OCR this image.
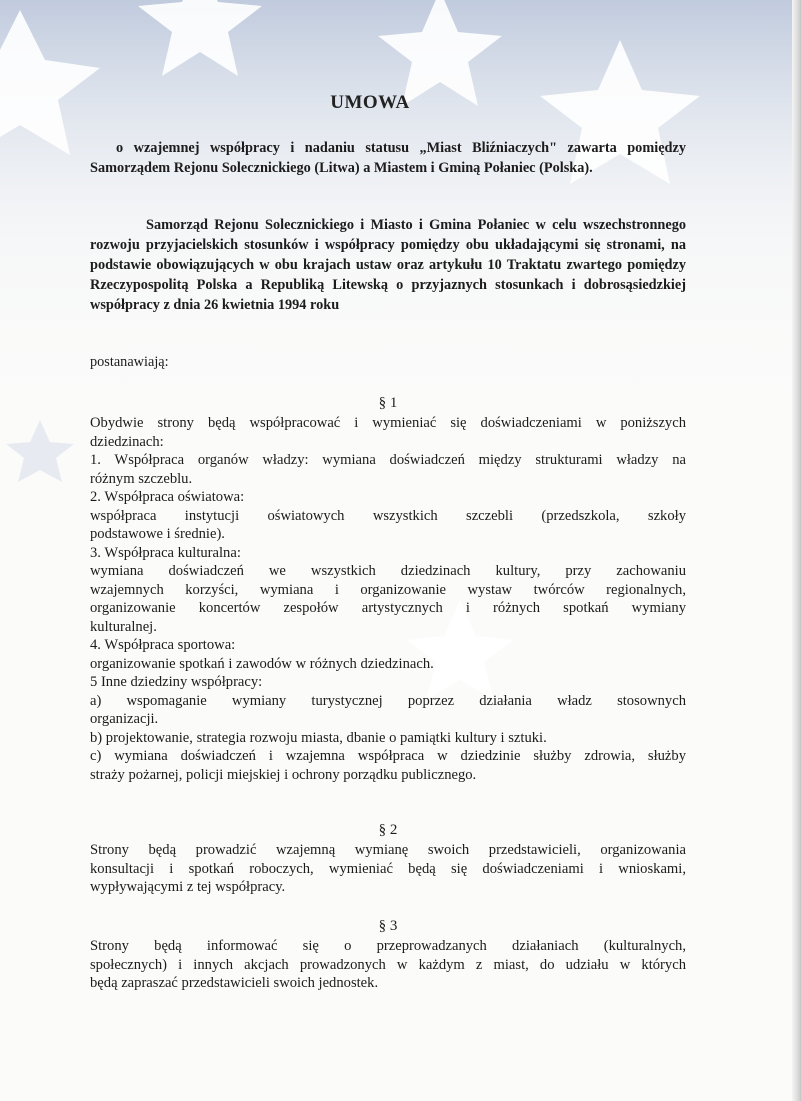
UMOWA

o wzajemnej współpracy i nadaniu statusu „Miast Bliźniaczych" zawarta pomiędzy Samorządem Rejonu Solecznickiego (Litwa) a Miastem i Gminą Połaniec (Polska).

Samorząd Rejonu Solecznickiego i Miasto i Gmina Połaniec w celu wszechstronnego rozwoju przyjacielskich stosunków i współpracy pomiędzy obu układającymi się stronami, na podstawie obowiązujących w obu krajach ustaw oraz artykułu 10 Traktatu zwartego pomiędzy Rzeczypospolitą Polska a Republiką Litewską o przyjaznych stosunkach i dobrosąsiedzkiej współpracy z dnia 26 kwietnia 1994 roku

postanawiają:

§ 1

Obydwie strony będą współpracować i wymieniać się doświadczeniami w poniższych
dziedzinach:
1. Współpraca organów władzy: wymiana doświadczeń między strukturami władzy na
różnym szczeblu.
2. Współpraca oświatowa:
współpraca instytucji oświatowych wszystkich szczebli (przedszkola, szkoły
podstawowe i średnie).
3. Współpraca kulturalna:
wymiana doświadczeń we wszystkich dziedzinach kultury, przy zachowaniu
wzajemnych korzyści, wymiana i organizowanie wystaw twórców regionalnych,
organizowanie koncertów zespołów artystycznych i różnych spotkań wymiany
kulturalnej.
4. Współpraca sportowa:
organizowanie spotkań i zawodów w różnych dziedzinach.
5 Inne dziedziny współpracy:
a) wspomaganie wymiany turystycznej poprzez działania władz stosownych
organizacji.
b) projektowanie, strategia rozwoju miasta, dbanie o pamiątki kultury i sztuki.
c) wymiana doświadczeń i wzajemna współpraca w dziedzinie służby zdrowia, służby
straży pożarnej, policji miejskiej i ochrony porządku publicznego.

§ 2

Strony będą prowadzić wzajemną wymianę swoich przedstawicieli, organizowania
konsultacji i spotkań roboczych, wymieniać będą się doświadczeniami i wnioskami,
wypływającymi z tej współpracy.

§ 3

Strony będą informować się o przeprowadzanych działaniach (kulturalnych,
społecznych) i innych akcjach prowadzonych w każdym z miast, do udziału w których
będą zapraszać przedstawicieli swoich jednostek.
